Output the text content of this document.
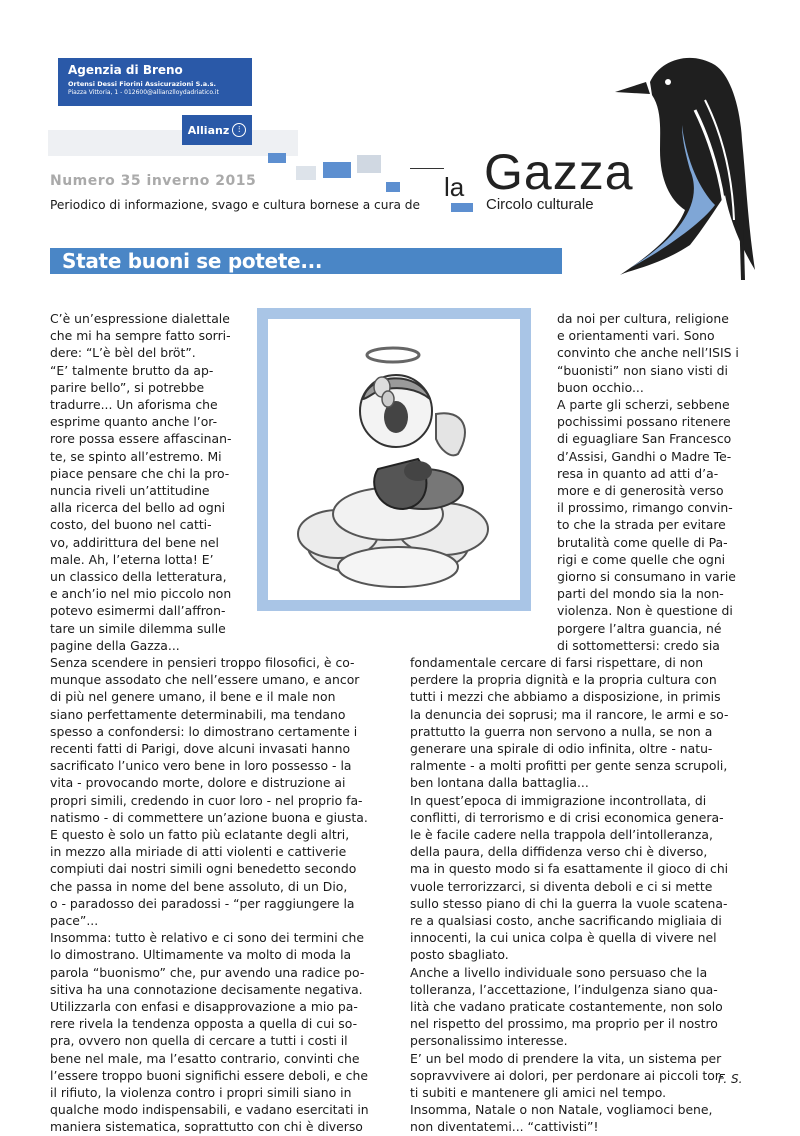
Agenzia di Breno
Ortensi Dessi Fiorini Assicurazioni S.a.s.
Piazza Vittoria, 1 - 012600@allianzlloydadriatico.it
Allianz	⫶
Numero 35 inverno 2015
Periodico di informazione, svago e cultura bornese a cura de
la Gazza
Circolo culturale
State buoni se potete...
C’è un’espressione dialettale
che mi ha sempre fatto sorri-
dere: “L’è bèl del bröt”.
“E’ talmente brutto da ap-
parire bello”, si potrebbe
tradurre... Un aforisma che
esprime quanto anche l’or-
rore possa essere affascinan-
te, se spinto all’estremo. Mi
piace pensare che chi la pro-
nuncia riveli un’attitudine
alla ricerca del bello ad ogni
costo, del buono nel catti-
vo, addirittura del bene nel
male. Ah, l’eterna lotta! E’
un classico della letteratura,
e anch’io nel mio piccolo non
potevo esimermi dall’affron-
tare un simile dilemma sulle
pagine della Gazza...
Senza scendere in pensieri troppo filosofici, è co-
munque assodato che nell’essere umano, e ancor
di più nel genere umano, il bene e il male non
siano perfettamente determinabili, ma tendano
spesso a confondersi: lo dimostrano certamente i
recenti fatti di Parigi, dove alcuni invasati hanno
sacrificato l’unico vero bene in loro possesso - la
vita - provocando morte, dolore e distruzione ai
propri simili, credendo in cuor loro - nel proprio fa-
natismo - di commettere un’azione buona e giusta.
E questo è solo un fatto più eclatante degli altri,
in mezzo alla miriade di atti violenti e cattiverie
compiuti dai nostri simili ogni benedetto secondo
che passa in nome del bene assoluto, di un Dio,
o - paradosso dei paradossi - “per raggiungere la
pace”...
Insomma: tutto è relativo e ci sono dei termini che
lo dimostrano. Ultimamente va molto di moda la
parola “buonismo” che, pur avendo una radice po-
sitiva ha una connotazione decisamente negativa.
Utilizzarla con enfasi e disapprovazione a mio pa-
rere rivela la tendenza opposta a quella di cui so-
pra, ovvero non quella di cercare a tutti i costi il
bene nel male, ma l’esatto contrario, convinti che
l’essere troppo buoni significhi essere deboli, e che
il rifiuto, la violenza contro i propri simili siano in
qualche modo indispensabili, e vadano esercitati in
maniera sistematica, soprattutto con chi è diverso
da noi per cultura, religione
e orientamenti vari. Sono
convinto che anche nell’ISIS i
“buonisti” non siano visti di
buon occhio...
A parte gli scherzi, sebbene
pochissimi possano ritenere
di eguagliare San Francesco
d’Assisi, Gandhi o Madre Te-
resa in quanto ad atti d’a-
more e di generosità verso
il prossimo, rimango convin-
to che la strada per evitare
brutalità come quelle di Pa-
rigi e come quelle che ogni
giorno si consumano in varie
parti del mondo sia la non-
violenza. Non è questione di
porgere l’altra guancia, né
di sottomettersi: credo sia
fondamentale cercare di farsi rispettare, di non
perdere la propria dignità e la propria cultura con
tutti i mezzi che abbiamo a disposizione, in primis
la denuncia dei soprusi; ma il rancore, le armi e so-
prattutto la guerra non servono a nulla, se non a
generare una spirale di odio infinita, oltre - natu-
ralmente - a molti profitti per gente senza scrupoli,
ben lontana dalla battaglia...
In quest’epoca di immigrazione incontrollata, di
conflitti, di terrorismo e di crisi economica genera-
le è facile cadere nella trappola dell’intolleranza,
della paura, della diffidenza verso chi è diverso,
ma in questo modo si fa esattamente il gioco di chi
vuole terrorizzarci, si diventa deboli e ci si mette
sullo stesso piano di chi la guerra la vuole scatena-
re a qualsiasi costo, anche sacrificando migliaia di
innocenti, la cui unica colpa è quella di vivere nel
posto sbagliato.
Anche a livello individuale sono persuaso che la
tolleranza, l’accettazione, l’indulgenza siano qua-
lità che vadano praticate costantemente, non solo
nel rispetto del prossimo, ma proprio per il nostro
personalissimo interesse.
E’ un bel modo di prendere la vita, un sistema per
sopravvivere ai dolori, per perdonare ai piccoli tor-
ti subiti e mantenere gli amici nel tempo.
Insomma, Natale o non Natale, vogliamoci bene,
non diventatemi... “cattivisti”!
F. S.
